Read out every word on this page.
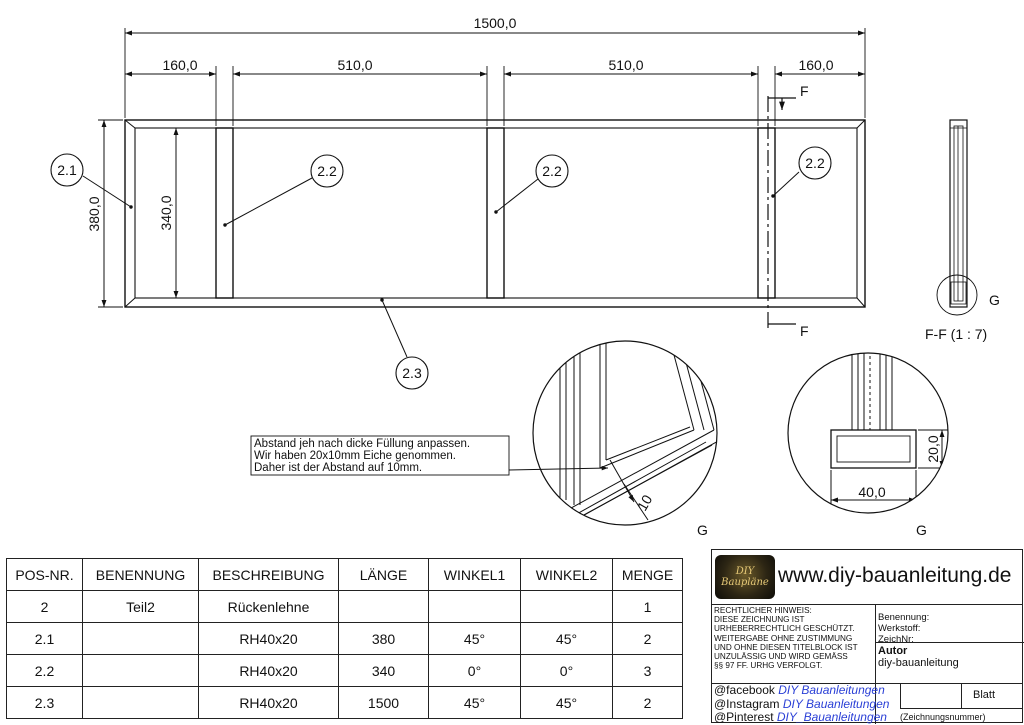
F
F
1500,0
160,0	510,0	510,0	160,0
380,0	340,0
2.1	2.2	2.2	2.2
2.3
G
F-F (1 : 7)
10
G
Abstand jeh nach dicke Füllung anpassen.
Wir haben 20x10mm Eiche genommen.
Daher ist der Abstand auf 10mm.
40,0
20,0
G
POS-NR.	BENENNUNG	BESCHREIBUNG	LÄNGE	WINKEL1	WINKEL2	MENGE
2	Teil2	Rückenlehne				1
2.1		RH40x20	380	45°	45°	2
2.2		RH40x20	340	0°	0°	3
2.3		RH40x20	1500	45°	45°	2
DIY
Baupläne www.diy-bauanleitung.de
RECHTLICHER HINWEIS:
DIESE ZEICHNUNG IST
URHEBERRECHTLICH GESCHÜTZT.
WEITERGABE OHNE ZUSTIMMUNG
UND OHNE DIESEN TITELBLOCK IST
UNZULÄSSIG UND WIRD GEMÄSS
§§ 97 FF. URHG VERFOLGT.
Benennung:
Werkstoff:
ZeichNr:
Autor
diy-bauanleitung
@facebook DIY Bauanleitungen
@Instagram DIY Bauanleitungen
@Pinterest DIY_Bauanleitungen
Blatt
(Zeichnungsnummer)
